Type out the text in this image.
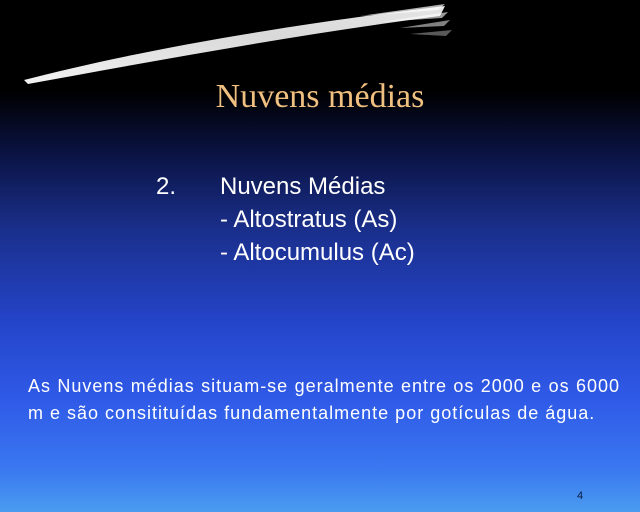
Nuvens médias
2. Nuvens Médias
- Altostratus (As)
- Altocumulus (Ac)
As Nuvens médias situam-se geralmente entre os 2000 e os 6000 m e são consitituídas fundamentalmente por gotículas de água.
4
